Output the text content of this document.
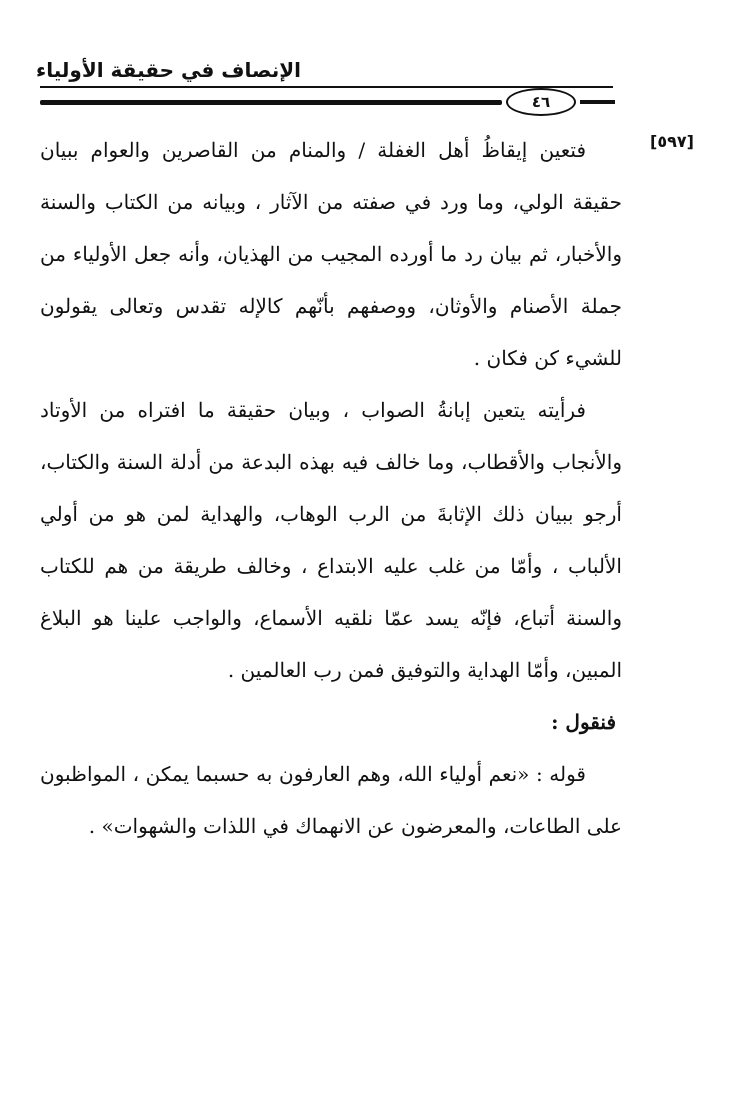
الإنصاف في حقيقة الأولياء
٤٦
[٥٩٧]

فتعين إيقاظُ أهل الغفلة / والمنام من القاصرين والعوام ببيان حقيقة الولي، وما ورد في صفته من الآثار ، وبيانه من الكتاب والسنة والأخبار، ثم بيان رد ما أورده المجيب من الهذيان، وأنه جعل الأولياء من جملة الأصنام والأوثان، ووصفهم بأنّهم كالإله تقدس وتعالى يقولون للشيء كن فكان .

فرأيته يتعين إبانةُ الصواب ، وبيان حقيقة ما افتراه من الأوتاد والأنجاب والأقطاب، وما خالف فيه بهذه البدعة من أدلة السنة والكتاب، أرجو ببيان ذلك الإثابةَ من الرب الوهاب، والهداية لمن هو من أولي الألباب ، وأمّا من غلب عليه الابتداع ، وخالف طريقة من هم للكتاب والسنة أتباع، فإنّه يسد عمّا نلقيه الأسماع، والواجب علينا هو البلاغ المبين، وأمّا الهداية والتوفيق فمن رب العالمين .

فنقول :

قوله : «نعم أولياء الله، وهم العارفون به حسبما يمكن ، المواظبون على الطاعات، والمعرضون عن الانهماك في اللذات والشهوات» .
